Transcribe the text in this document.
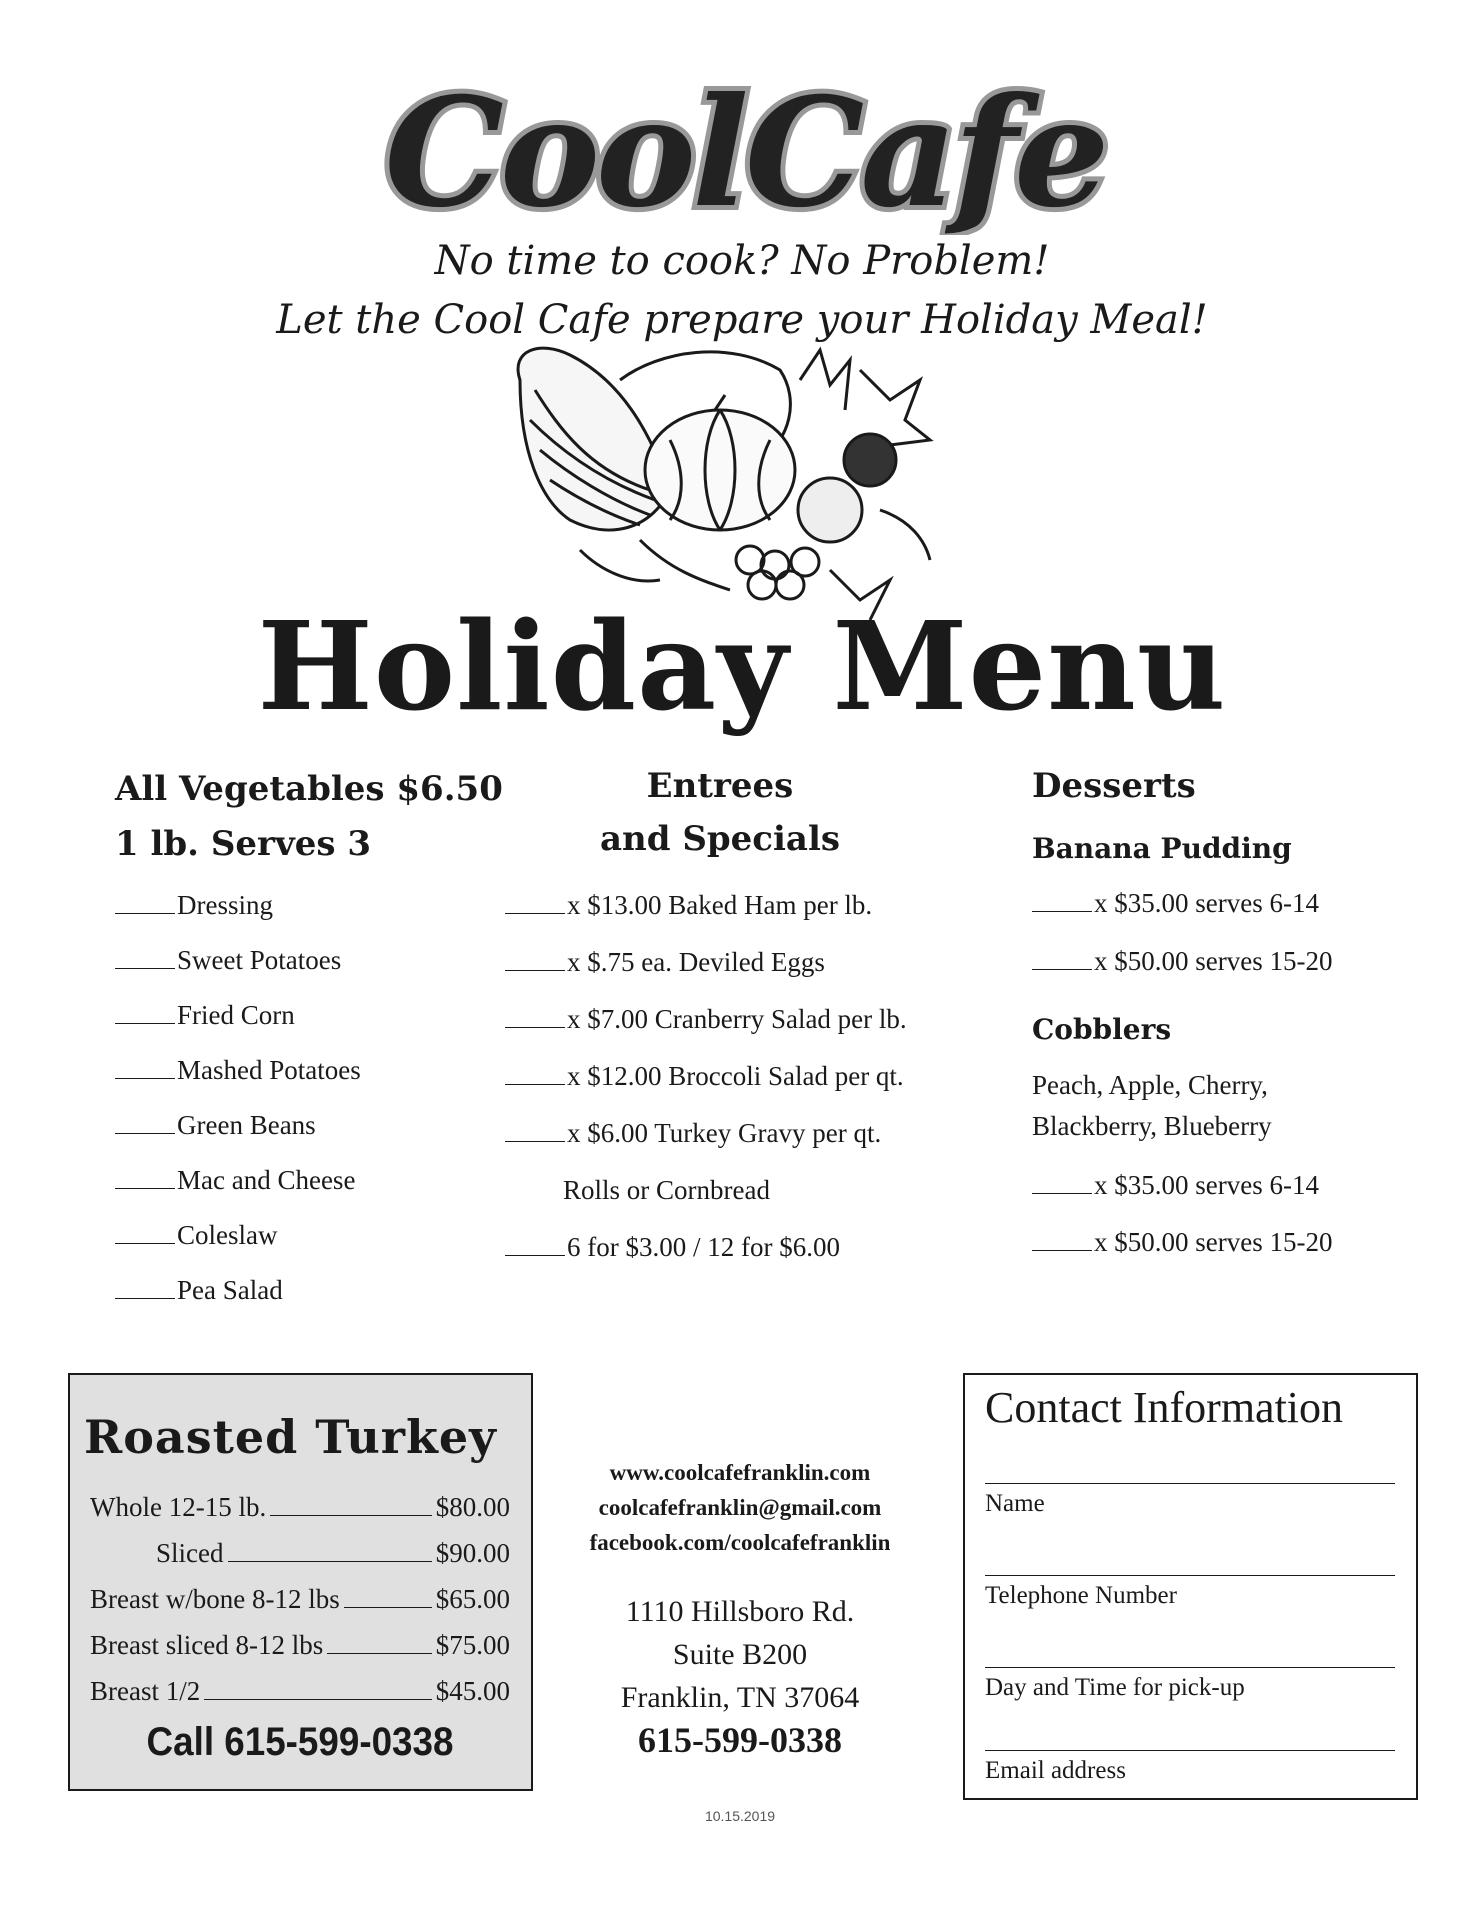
CoolCafe
No time to cook? No Problem!
Let the Cool Cafe prepare your Holiday Meal!
Holiday Menu
All Vegetables $6.50
1 lb. Serves 3
Dressing
Sweet Potatoes
Fried Corn
Mashed Potatoes
Green Beans
Mac and Cheese
Coleslaw
Pea Salad
Entrees
and Specials
x $13.00 Baked Ham per lb.
x $.75 ea. Deviled Eggs
x $7.00 Cranberry Salad per lb.
x $12.00 Broccoli Salad per qt.
x $6.00 Turkey Gravy per qt.
Rolls or Cornbread
6 for $3.00 / 12 for $6.00
Desserts
Banana Pudding
x $35.00 serves 6-14
x $50.00 serves 15-20
Cobblers
Peach, Apple, Cherry,
Blackberry, Blueberry
x $35.00 serves 6-14
x $50.00 serves 15-20
Roasted Turkey
Whole 12-15 lb.	$80.00
Sliced	$90.00
Breast w/bone 8-12 lbs	$65.00
Breast sliced 8-12 lbs	$75.00
Breast 1/2	$45.00
Call 615-599-0338
www.coolcafefranklin.com
coolcafefranklin@gmail.com
facebook.com/coolcafefranklin
1110 Hillsboro Rd.
Suite B200
Franklin, TN 37064
615-599-0338
10.15.2019
Contact Information
Name
Telephone Number
Day and Time for pick-up
Email address
